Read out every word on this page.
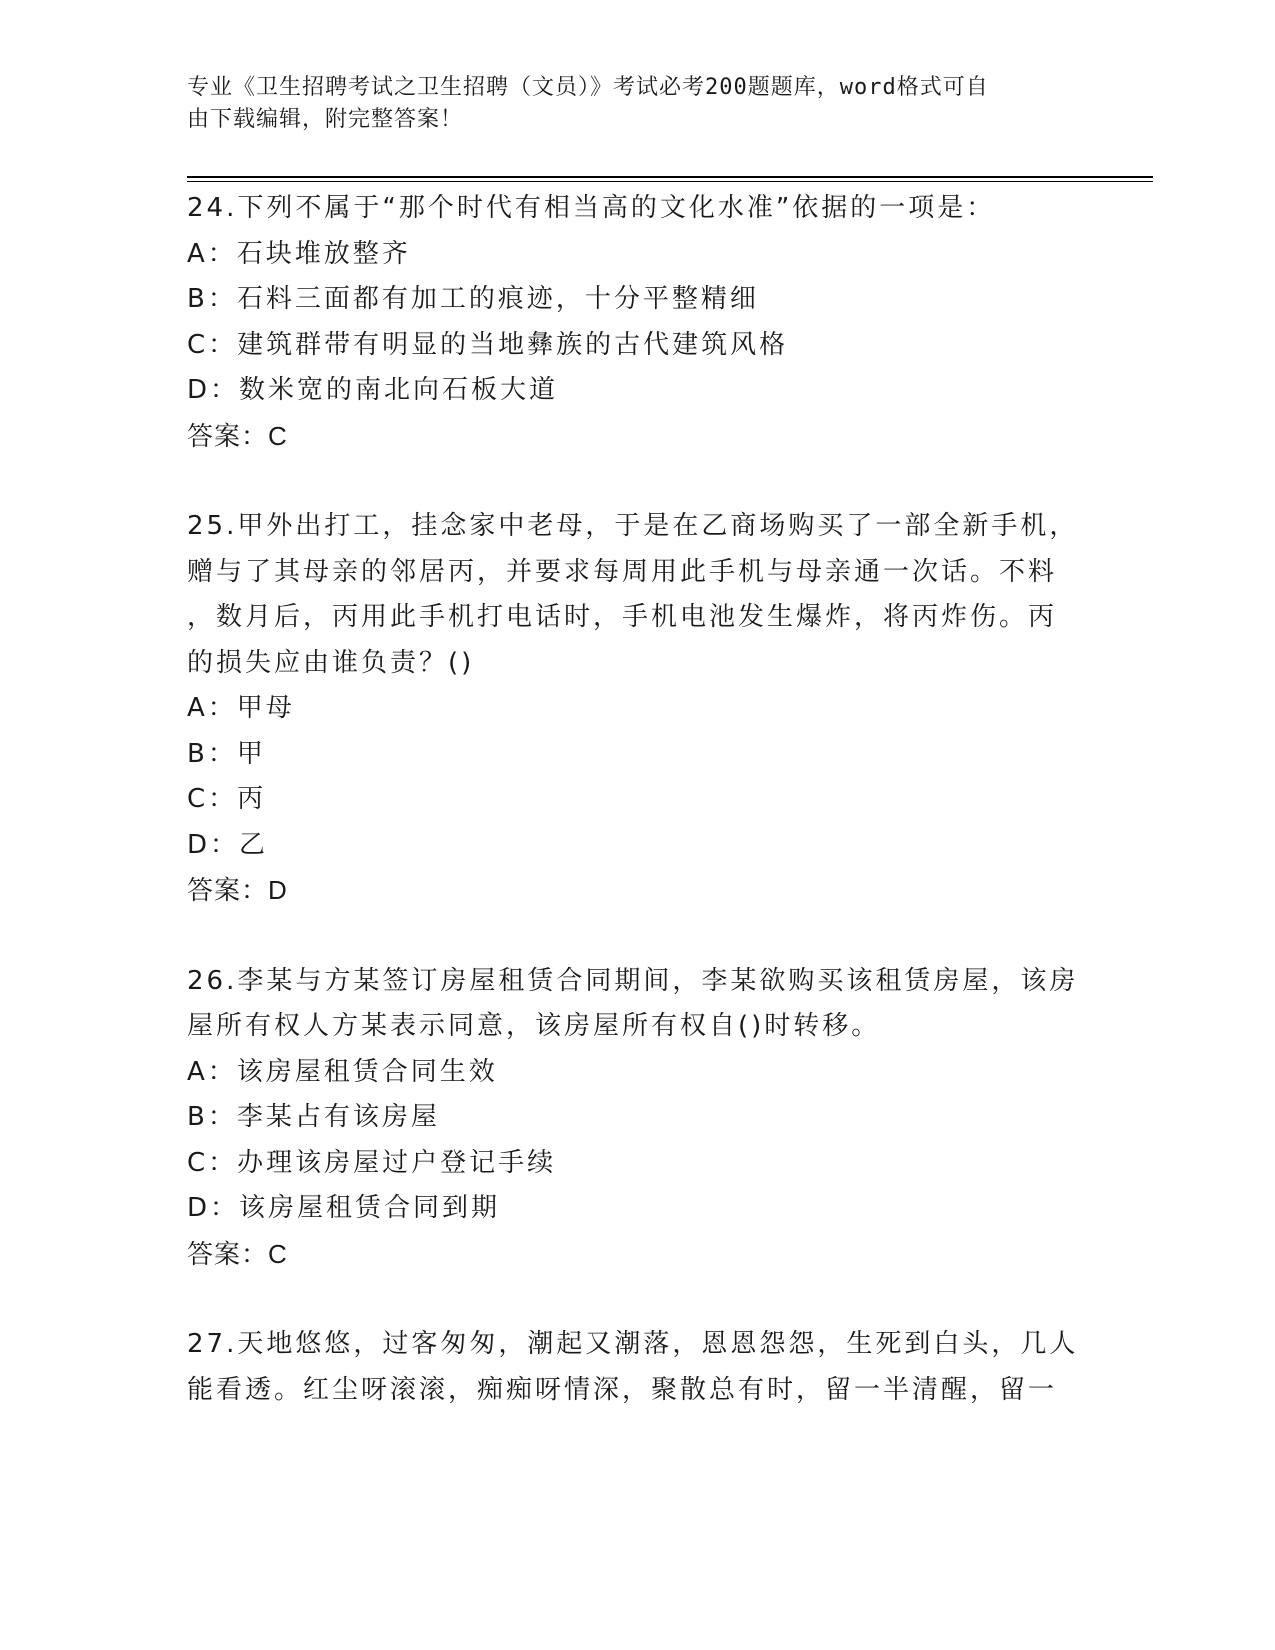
专业《卫生招聘考试之卫生招聘（文员）》考试必考200题题库，word格式可自
由下载编辑，附完整答案！
24.下列不属于“那个时代有相当高的文化水准”依据的一项是：
A：石块堆放整齐
B：石料三面都有加工的痕迹，十分平整精细
C：建筑群带有明显的当地彝族的古代建筑风格
D：数米宽的南北向石板大道
答案：C
25.甲外出打工，挂念家中老母，于是在乙商场购买了一部全新手机，
赠与了其母亲的邻居丙，并要求每周用此手机与母亲通一次话。不料
，数月后，丙用此手机打电话时，手机电池发生爆炸，将丙炸伤。丙
的损失应由谁负责？()
A：甲母
B：甲
C：丙
D：乙
答案：D
26.李某与方某签订房屋租赁合同期间，李某欲购买该租赁房屋，该房
屋所有权人方某表示同意，该房屋所有权自()时转移。
A：该房屋租赁合同生效
B：李某占有该房屋
C：办理该房屋过户登记手续
D：该房屋租赁合同到期
答案：C
27.天地悠悠，过客匆匆，潮起又潮落，恩恩怨怨，生死到白头，几人
能看透。红尘呀滚滚，痴痴呀情深，聚散总有时，留一半清醒，留一
